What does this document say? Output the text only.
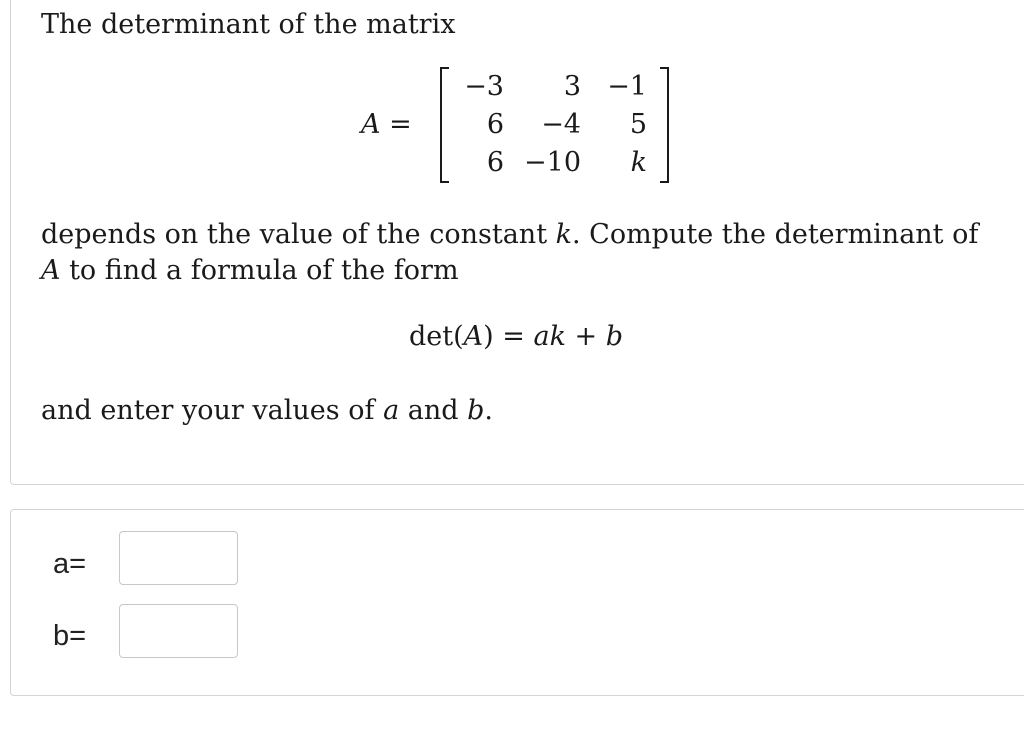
The determinant of the matrix
A =
−3 3 −1
6 −4 5
6 −10 k
depends on the value of the constant k. Compute the determinant of
A to find a formula of the form
det(A) = ak + b
and enter your values of a and b.
a=
b=
